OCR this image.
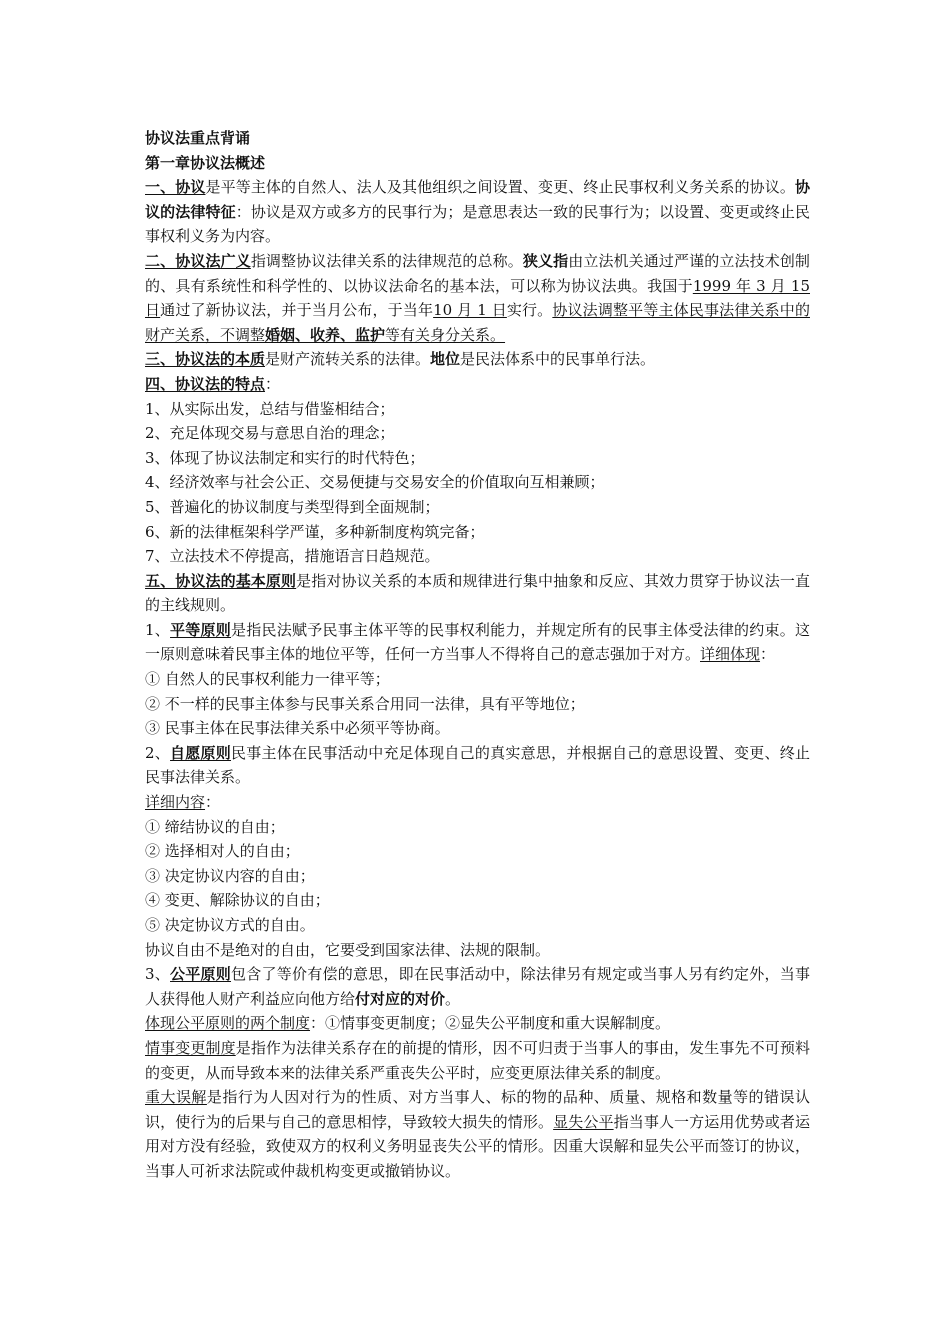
协议法重点背诵

第一章协议法概述

一、协议是平等主体的自然人、法人及其他组织之间设置、变更、终止民事权利义务关系的协议。协议的法律特征：协议是双方或多方的民事行为；是意思表达一致的民事行为；以设置、变更或终止民事权利义务为内容。

二、协议法广义指调整协议法律关系的法律规范的总称。狭义指由立法机关通过严谨的立法技术创制的、具有系统性和科学性的、以协议法命名的基本法，可以称为协议法典。我国于1999 年 3 月 15 日通过了新协议法，并于当月公布，于当年10 月 1 日实行。协议法调整平等主体民事法律关系中的财产关系，不调整婚姻、收养、监护等有关身分关系。

三、协议法的本质是财产流转关系的法律。地位是民法体系中的民事单行法。

四、协议法的特点：

1、从实际出发，总结与借鉴相结合；

2、充足体现交易与意思自治的理念；

3、体现了协议法制定和实行的时代特色；

4、经济效率与社会公正、交易便捷与交易安全的价值取向互相兼顾；

5、普遍化的协议制度与类型得到全面规制；

6、新的法律框架科学严谨，多种新制度构筑完备；

7、立法技术不停提高，措施语言日趋规范。

五、协议法的基本原则是指对协议关系的本质和规律进行集中抽象和反应、其效力贯穿于协议法一直的主线规则。

1、平等原则是指民法赋予民事主体平等的民事权利能力，并规定所有的民事主体受法律的约束。这一原则意味着民事主体的地位平等，任何一方当事人不得将自己的意志强加于对方。详细体现：

① 自然人的民事权利能力一律平等；

② 不一样的民事主体参与民事关系合用同一法律，具有平等地位；

③ 民事主体在民事法律关系中必须平等协商。

2、自愿原则民事主体在民事活动中充足体现自己的真实意思，并根据自己的意思设置、变更、终止民事法律关系。

详细内容：

① 缔结协议的自由；

② 选择相对人的自由；

③ 决定协议内容的自由；

④ 变更、解除协议的自由；

⑤ 决定协议方式的自由。

协议自由不是绝对的自由，它要受到国家法律、法规的限制。

3、公平原则包含了等价有偿的意思，即在民事活动中，除法律另有规定或当事人另有约定外，当事人获得他人财产利益应向他方给付对应的对价。

体现公平原则的两个制度：①情事变更制度；②显失公平制度和重大误解制度。

情事变更制度是指作为法律关系存在的前提的情形，因不可归责于当事人的事由，发生事先不可预料的变更，从而导致本来的法律关系严重丧失公平时，应变更原法律关系的制度。

重大误解是指行为人因对行为的性质、对方当事人、标的物的品种、质量、规格和数量等的错误认识，使行为的后果与自己的意思相悖，导致较大损失的情形。显失公平指当事人一方运用优势或者运用对方没有经验，致使双方的权利义务明显丧失公平的情形。因重大误解和显失公平而签订的协议，当事人可祈求法院或仲裁机构变更或撤销协议。
